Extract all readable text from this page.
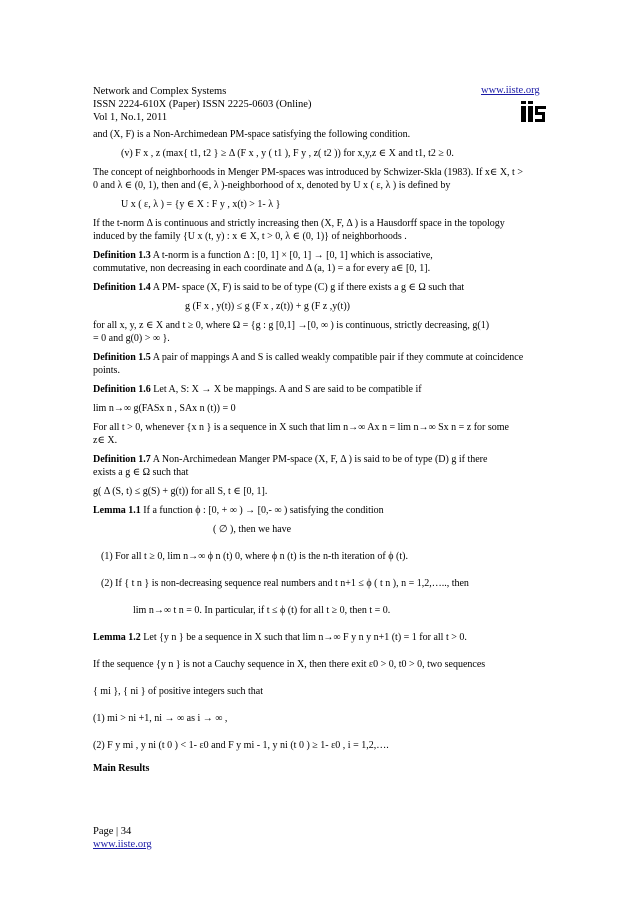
Network and Complex Systems
ISSN 2224-610X (Paper) ISSN 2225-0603 (Online)
Vol 1, No.1, 2011
www.iiste.org

and (X, F) is a Non-Archimedean PM-space satisfying the following condition.

(v) F x , z (max{ t1, t2 } ≥ Δ (F x , y ( t1 ), F y , z( t2 )) for x,y,z ∈ X and t1, t2 ≥ 0.

The concept of neighborhoods in Menger PM-spaces was introduced by Schwizer-Skla (1983). If x∈ X, t >

0 and λ ∈ (0, 1), then and (∈, λ )-neighborhood of x, denoted by U x ( ε, λ ) is defined by

U x ( ε, λ ) = {y ∈ X : F y , x(t) > 1- λ }

If the t-norm Δ is continuous and strictly increasing then (X, F, Δ ) is a Hausdorff space in the topology

induced by the family {U x (t, y) : x ∈ X, t > 0, λ ∈ (0, 1)} of neighborhoods .

Definition 1.3 A t-norm is a function Δ : [0, 1] × [0, 1] → [0, 1] which is associative,

commutative, non decreasing in each coordinate and Δ (a, 1) = a for every a∈ [0, 1].

Definition 1.4 A PM- space (X, F) is said to be of type (C) g if there exists a g ∈ Ω such that

g (F x , y(t)) ≤ g (F x , z(t)) + g (F z ,y(t))

for all x, y, z ∈ X and t ≥ 0, where Ω = {g : g [0,1] →[0, ∞ ) is continuous, strictly decreasing, g(1)

= 0 and g(0) > ∞ }.

Definition 1.5 A pair of mappings A and S is called weakly compatible pair if they commute at coincidence

points.

Definition 1.6 Let A, S: X → X be mappings. A and S are said to be compatible if

lim n→∞ g(FASx n , SAx n (t)) = 0

For all t > 0, whenever {x n } is a sequence in X such that lim n→∞ Ax n = lim n→∞ Sx n = z for some

z∈ X.

Definition 1.7 A Non-Archimedean Manger PM-space (X, F, Δ ) is said to be of type (D) g if there

exists a g ∈ Ω such that

g( Δ (S, t) ≤ g(S) + g(t)) for all S, t ∈ [0, 1].

Lemma 1.1 If a function ϕ : [0, + ∞ ) → [0,- ∞ ) satisfying the condition

( ∅ ), then we have

(1) For all t ≥ 0, lim n→∞ ϕ n (t) 0, where ϕ n (t) is the n-th iteration of ϕ (t).

(2) If { t n } is non-decreasing sequence real numbers and t n+1 ≤ ϕ ( t n ), n = 1,2,….., then

lim n→∞ t n = 0. In particular, if t ≤ ϕ (t) for all t ≥ 0, then t = 0.

Lemma 1.2 Let {y n } be a sequence in X such that lim n→∞ F y n y n+1 (t) = 1 for all t > 0.

If the sequence {y n } is not a Cauchy sequence in X, then there exit ε0 > 0, t0 > 0, two sequences

{ mi }, { ni } of positive integers such that

(1) mi > ni +1, ni → ∞ as i → ∞ ,

(2) F y mi , y ni (t 0 ) < 1- ε0 and F y mi - 1, y ni (t 0 ) ≥ 1- ε0 , i = 1,2,….

Main Results

Page | 34
www.iiste.org
